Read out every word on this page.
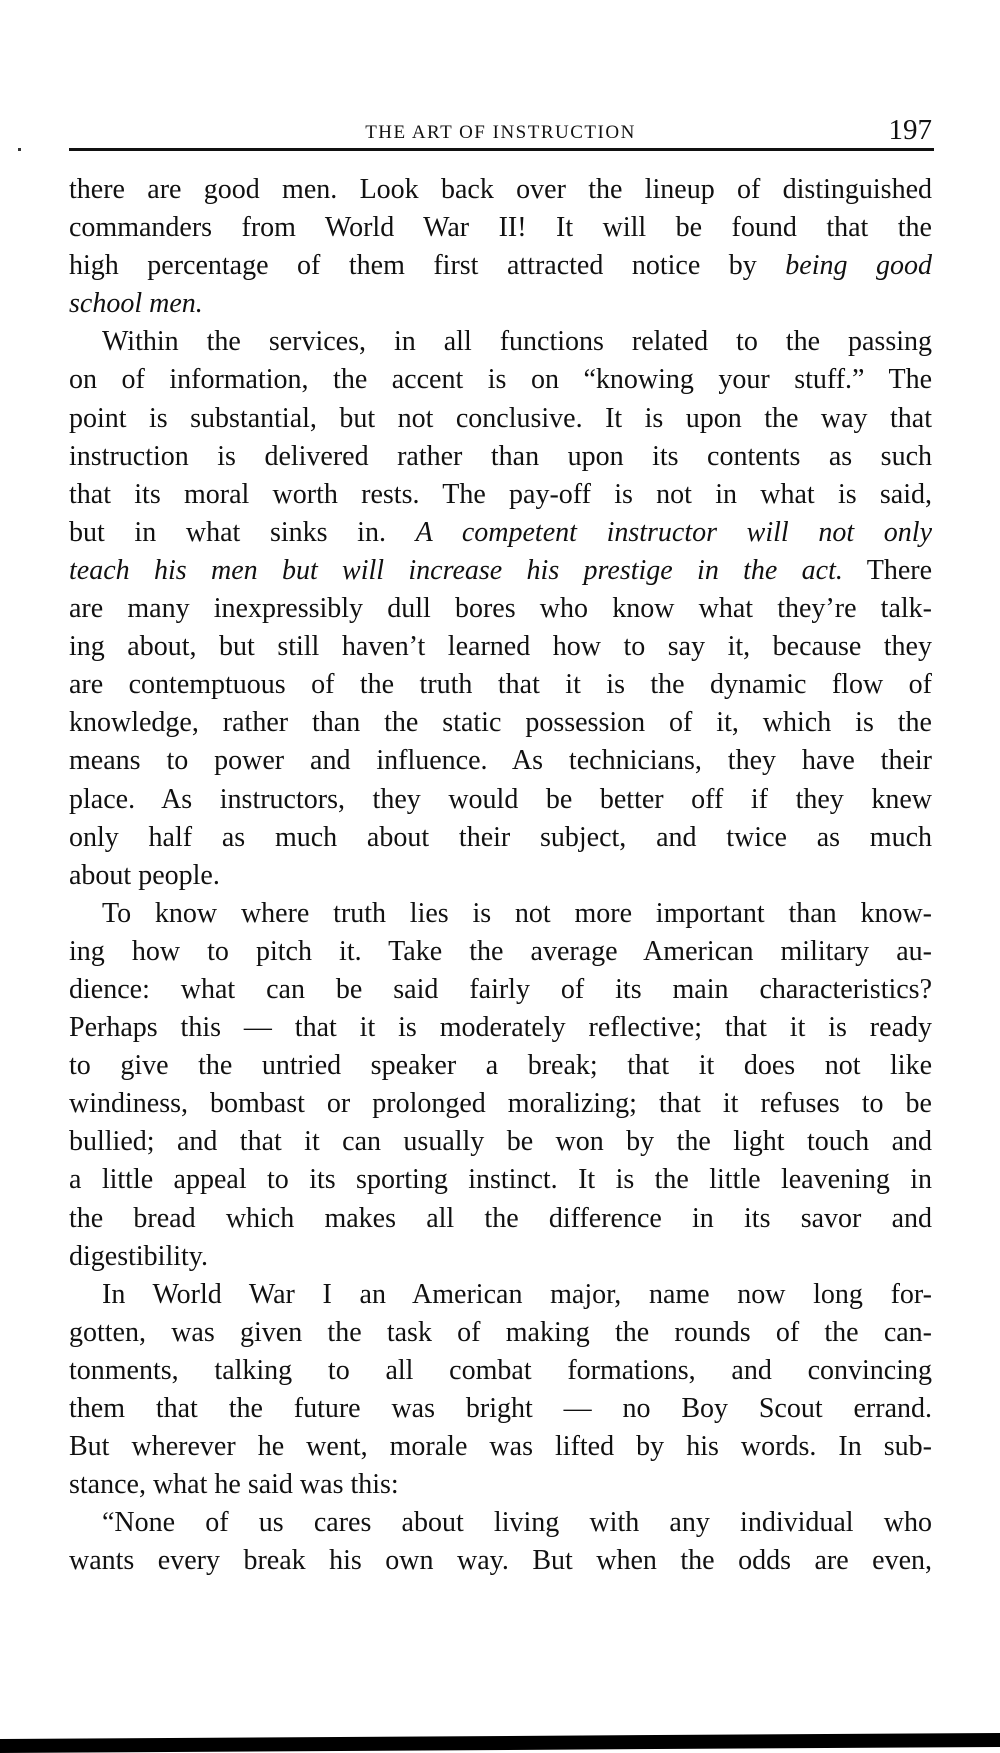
THE ART OF INSTRUCTION	197
there are good men. Look back over the lineup of distinguished
commanders from World War II! It will be found that the
high percentage of them first attracted notice by being good
school men.
Within the services, in all functions related to the passing
on of information, the accent is on “knowing your stuff.” The
point is substantial, but not conclusive. It is upon the way that
instruction is delivered rather than upon its contents as such
that its moral worth rests. The pay-off is not in what is said,
but in what sinks in. A competent instructor will not only
teach his men but will increase his prestige in the act. There
are many inexpressibly dull bores who know what they’re talk-
ing about, but still haven’t learned how to say it, because they
are contemptuous of the truth that it is the dynamic flow of
knowledge, rather than the static possession of it, which is the
means to power and influence. As technicians, they have their
place. As instructors, they would be better off if they knew
only half as much about their subject, and twice as much
about people.
To know where truth lies is not more important than know-
ing how to pitch it. Take the average American military au-
dience: what can be said fairly of its main characteristics?
Perhaps this — that it is moderately reflective; that it is ready
to give the untried speaker a break; that it does not like
windiness, bombast or prolonged moralizing; that it refuses to be
bullied; and that it can usually be won by the light touch and
a little appeal to its sporting instinct. It is the little leavening in
the bread which makes all the difference in its savor and
digestibility.
In World War I an American major, name now long for-
gotten, was given the task of making the rounds of the can-
tonments, talking to all combat formations, and convincing
them that the future was bright — no Boy Scout errand.
But wherever he went, morale was lifted by his words. In sub-
stance, what he said was this:
“None of us cares about living with any individual who
wants every break his own way. But when the odds are even,
